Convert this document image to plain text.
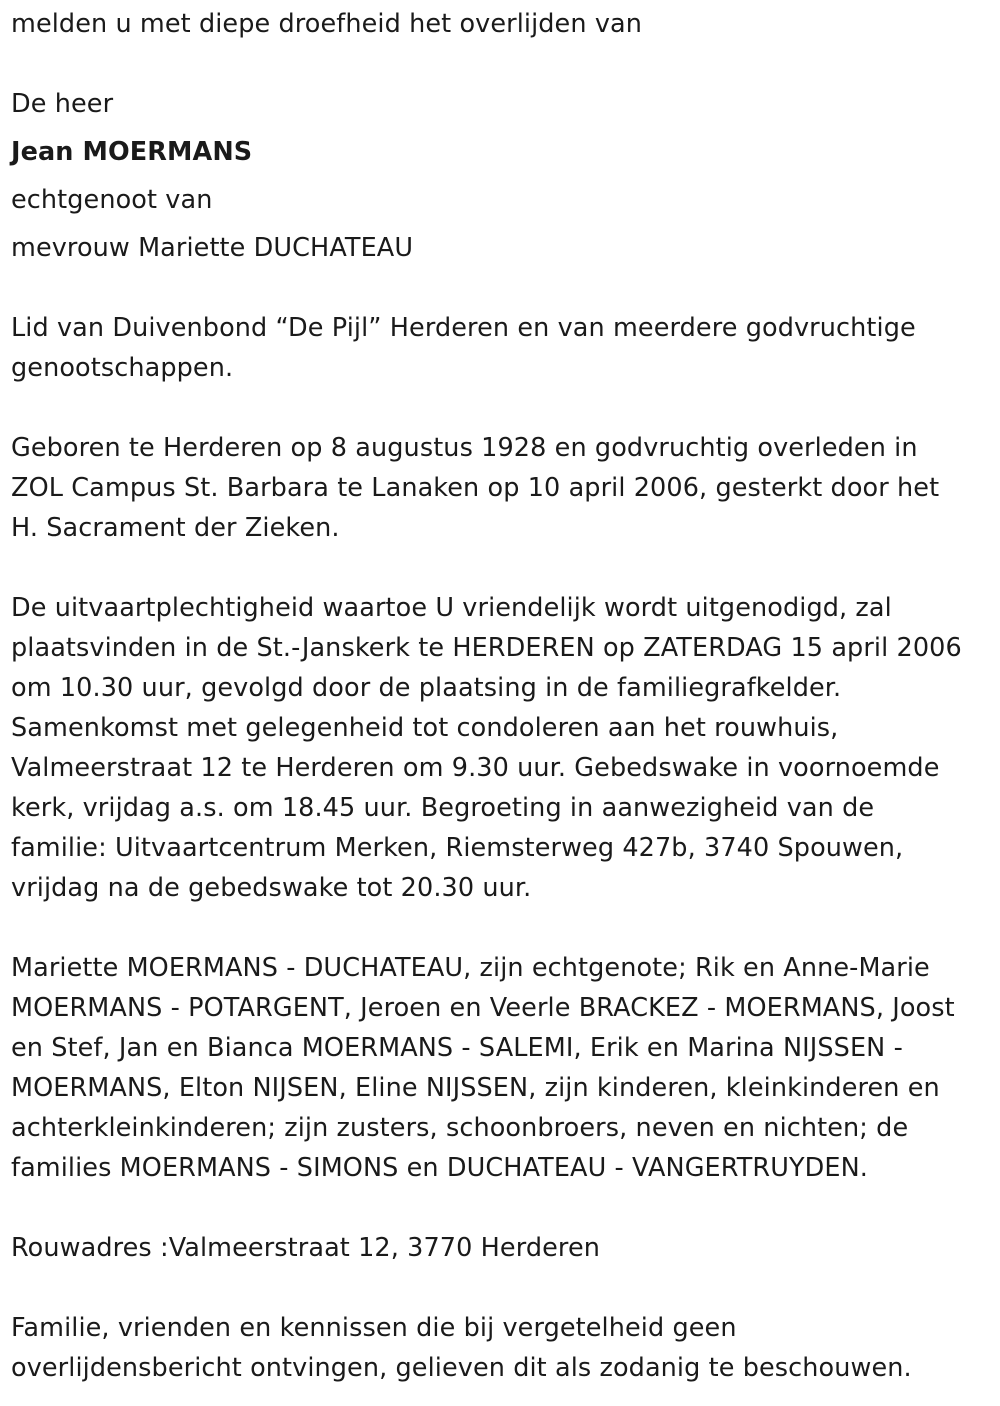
melden u met diepe droefheid het overlijden van

De heer

Jean MOERMANS

echtgenoot van

mevrouw Mariette DUCHATEAU

Lid van Duivenbond “De Pijl” Herderen en van meerdere godvruchtige

genootschappen.

Geboren te Herderen op 8 augustus 1928 en godvruchtig overleden in

ZOL Campus St. Barbara te Lanaken op 10 april 2006, gesterkt door het

H. Sacrament der Zieken.

De uitvaartplechtigheid waartoe U vriendelijk wordt uitgenodigd, zal

plaatsvinden in de St.-Janskerk te HERDEREN op ZATERDAG 15 april 2006

om 10.30 uur, gevolgd door de plaatsing in de familiegrafkelder.

Samenkomst met gelegenheid tot condoleren aan het rouwhuis,

Valmeerstraat 12 te Herderen om 9.30 uur. Gebedswake in voornoemde

kerk, vrijdag a.s. om 18.45 uur. Begroeting in aanwezigheid van de

familie: Uitvaartcentrum Merken, Riemsterweg 427b, 3740 Spouwen,

vrijdag na de gebedswake tot 20.30 uur.

Mariette MOERMANS - DUCHATEAU, zijn echtgenote; Rik en Anne-Marie

MOERMANS - POTARGENT, Jeroen en Veerle BRACKEZ - MOERMANS, Joost

en Stef, Jan en Bianca MOERMANS - SALEMI, Erik en Marina NIJSSEN -

MOERMANS, Elton NIJSEN, Eline NIJSSEN, zijn kinderen, kleinkinderen en

achterkleinkinderen; zijn zusters, schoonbroers, neven en nichten; de

families MOERMANS - SIMONS en DUCHATEAU - VANGERTRUYDEN.

Rouwadres :Valmeerstraat 12, 3770 Herderen

Familie, vrienden en kennissen die bij vergetelheid geen

overlijdensbericht ontvingen, gelieven dit als zodanig te beschouwen.
